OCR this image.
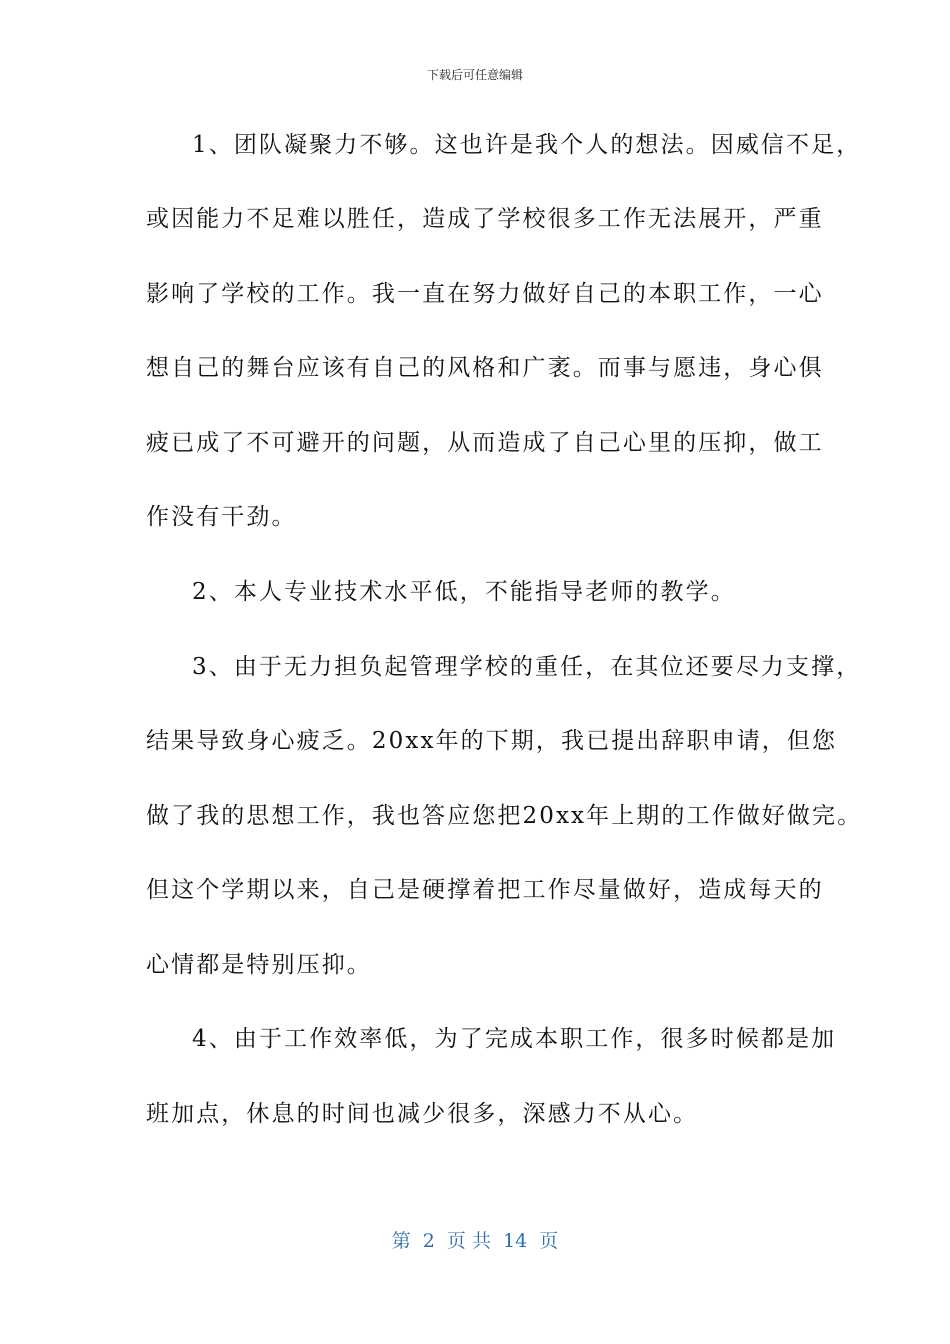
下载后可任意编辑
1、团队凝聚力不够。这也许是我个人的想法。因威信不足，
或因能力不足难以胜任，造成了学校很多工作无法展开，严重
影响了学校的工作。我一直在努力做好自己的本职工作，一心
想自己的舞台应该有自己的风格和广袤。而事与愿违，身心俱
疲已成了不可避开的问题，从而造成了自己心里的压抑，做工
作没有干劲。
2、本人专业技术水平低，不能指导老师的教学。
3、由于无力担负起管理学校的重任，在其位还要尽力支撑，
结果导致身心疲乏。20xx年的下期，我已提出辞职申请，但您
做了我的思想工作，我也答应您把20xx年上期的工作做好做完。
但这个学期以来，自己是硬撑着把工作尽量做好，造成每天的
心情都是特别压抑。
4、由于工作效率低，为了完成本职工作，很多时候都是加
班加点，休息的时间也减少很多，深感力不从心。
第 2 页 共 14 页
